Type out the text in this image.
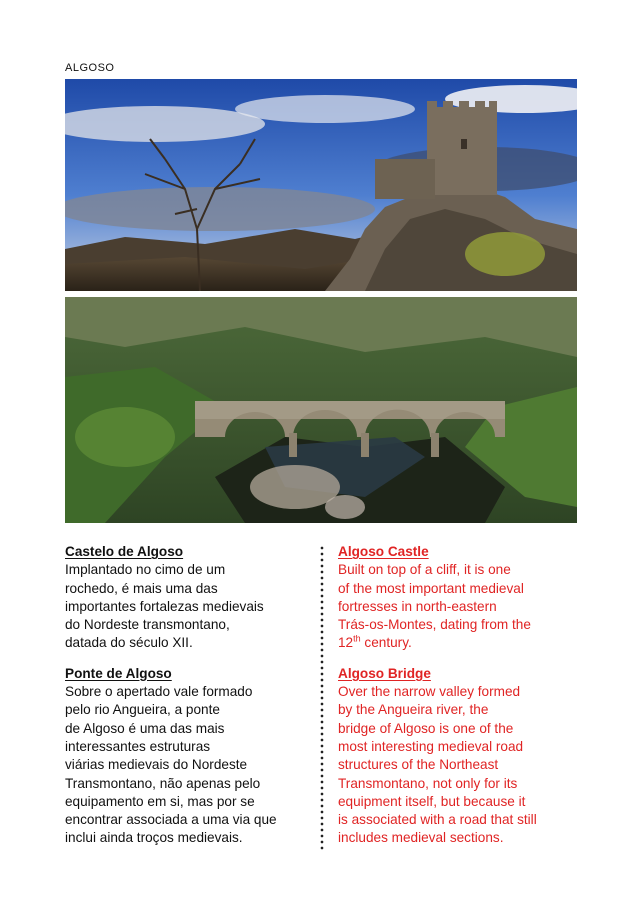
ALGOSO
Castelo de Algoso
Implantado no cimo de um
rochedo, é mais uma das
importantes fortalezas medievais
do Nordeste transmontano,
datada do século XII.
Ponte de Algoso
Sobre o apertado vale formado
pelo rio Angueira, a ponte
de Algoso é uma das mais
interessantes estruturas
viárias medievais do Nordeste
Transmontano, não apenas pelo
equipamento em si, mas por se
encontrar associada a uma via que
inclui ainda troços medievais.
Algoso Castle
Built on top of a cliff, it is one
of the most important medieval
fortresses in north-eastern
Trás-os-Montes, dating from the
12th century.
Algoso Bridge
Over the narrow valley formed
by the Angueira river, the
bridge of Algoso is one of the
most interesting medieval road
structures of the Northeast
Transmontano, not only for its
equipment itself, but because it
is associated with a road that still
includes medieval sections.
